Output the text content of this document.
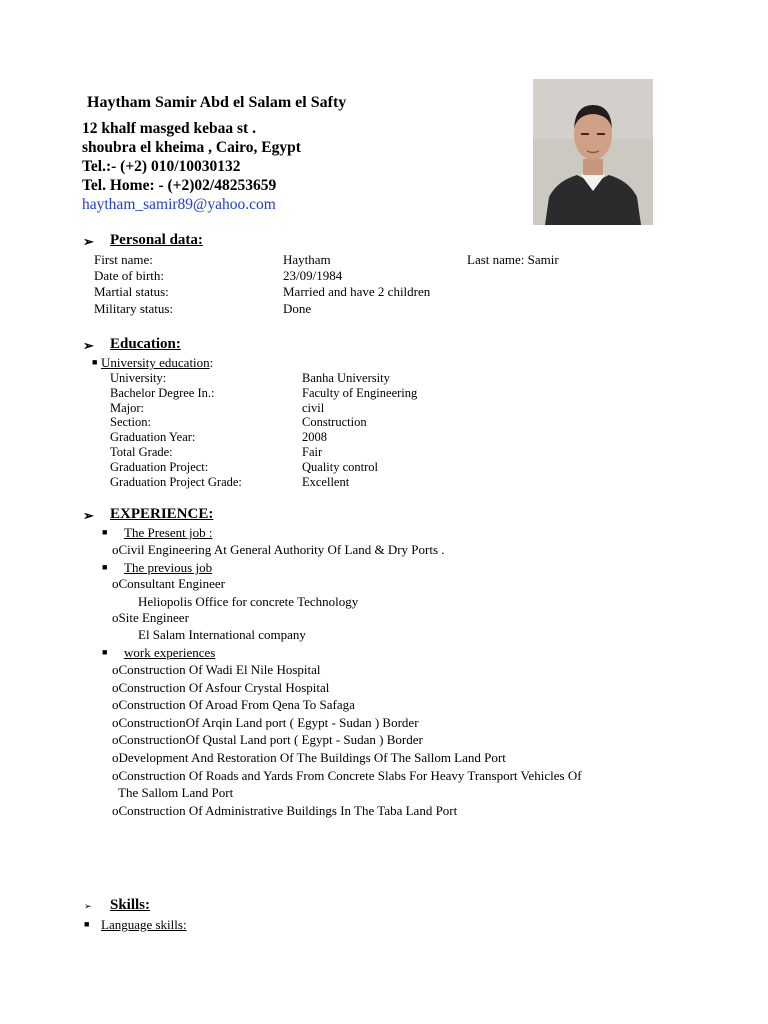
Haytham Samir Abd el Salam el Safty
12 khalf masged kebaa st .
shoubra el kheima , Cairo, Egypt
Tel.:- (+2) 010/10030132
Tel. Home: - (+2)02/48253659
haytham_samir89@yahoo.com
➢ Personal data:
First name:	Haytham	Last name: Samir
Date of birth:	23/09/1984
Martial status:	Married and have 2 children
Military status:	Done
➢ Education:
■ University education:
University:	Banha University
Bachelor Degree In.:	Faculty of Engineering
Major:	civil
Section:	Construction
Graduation Year:	2008
Total Grade:	Fair
Graduation Project:	Quality control
Graduation Project Grade:	Excellent
➢ EXPERIENCE:
■ The Present job :
oCivil Engineering At General Authority Of Land & Dry Ports .
■ The previous job
oConsultant Engineer
Heliopolis Office for concrete Technology
oSite Engineer
El Salam International company
■ work experiences
oConstruction Of Wadi El Nile Hospital
oConstruction Of Asfour Crystal Hospital
oConstruction Of Aroad From Qena To Safaga
oConstructionOf Arqin Land port ( Egypt - Sudan ) Border
oConstructionOf Qustal Land port ( Egypt - Sudan ) Border
oDevelopment And Restoration Of The Buildings Of The Sallom Land Port
oConstruction Of Roads and Yards From Concrete Slabs For Heavy Transport Vehicles Of
The Sallom Land Port
oConstruction Of Administrative Buildings In The Taba Land Port
➢ Skills:
■ Language skills:
